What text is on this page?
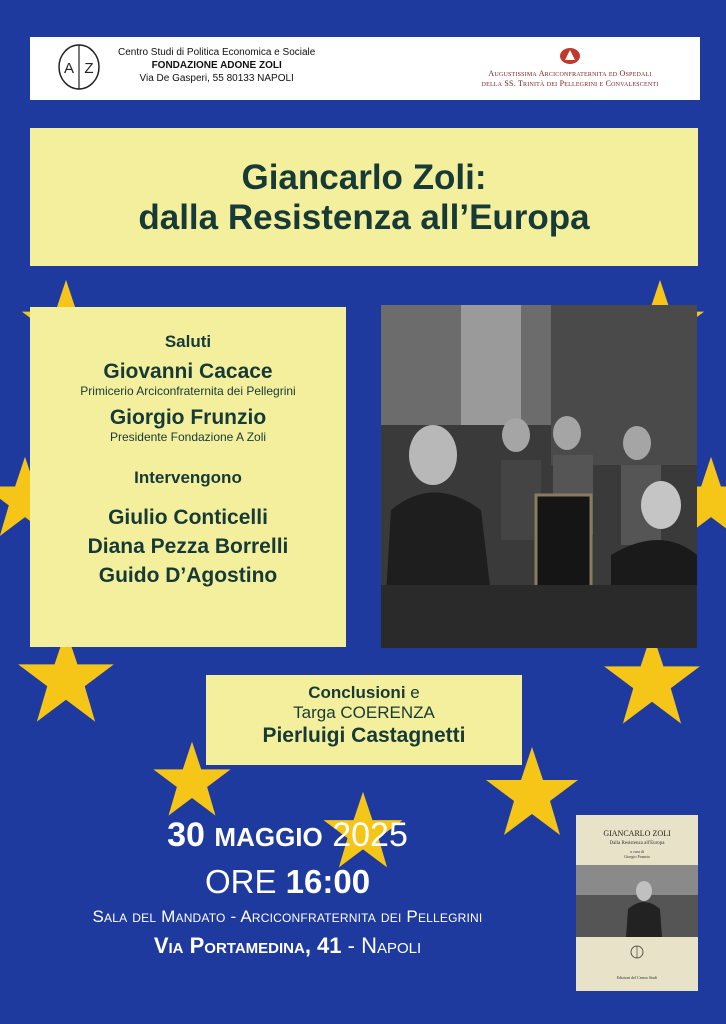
A Z
Centro Studi di Politica Economica e Sociale
FONDAZIONE ADONE ZOLI
Via De Gasperi, 55 80133 NAPOLI	Augustissima Arciconfraternita ed Ospedali
della SS. Trinità dei Pellegrini e Convalescenti
Giancarlo Zoli:
dalla Resistenza all’Europa
Saluti
Giovanni Cacace
Primicerio Arciconfraternita dei Pellegrini
Giorgio Frunzio
Presidente Fondazione A Zoli
Intervengono
Giulio Conticelli
Diana Pezza Borrelli
Guido D’Agostino
Conclusioni e
Targa COERENZA
Pierluigi Castagnetti
30 MAGGIO 2025
ORE 16:00
Sala del Mandato - Arciconfraternita dei Pellegrini
Via Portamedina, 41 - Napoli
GIANCARLO ZOLI
Dalla Resistenza all'Europa
a cura di
Giorgio Frunzio
Edizioni del Centro Studi
